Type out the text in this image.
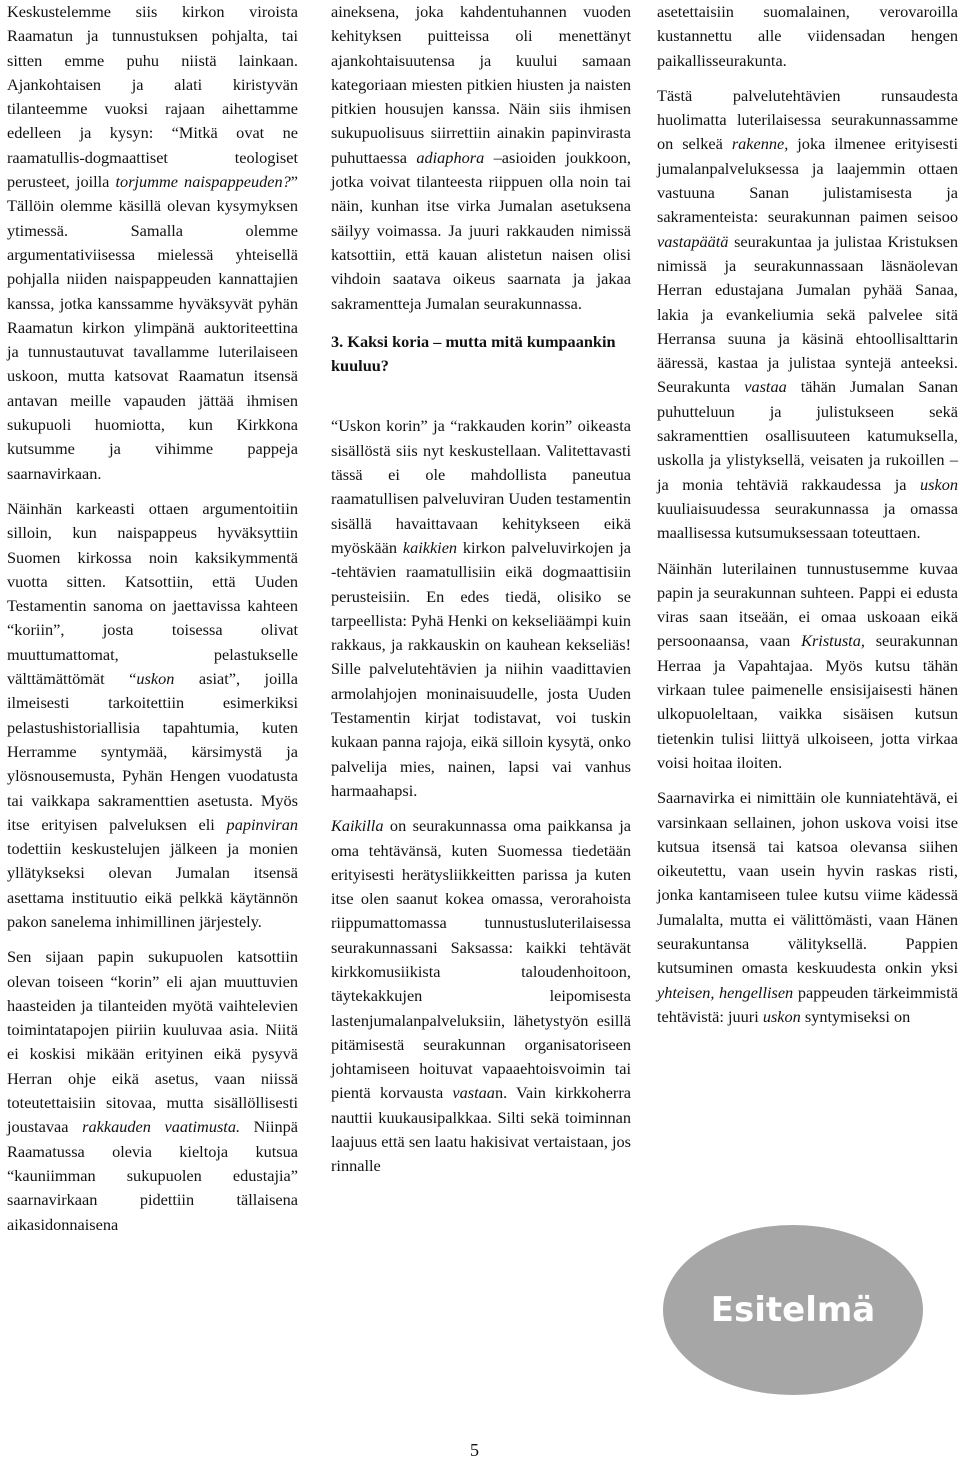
Keskustelemme siis kirkon viroista Raamatun ja tunnustuksen pohjalta, tai sitten emme puhu niistä lainkaan. Ajankohtaisen ja alati kiristyvän tilanteemme vuoksi rajaan aihettamme edelleen ja kysyn: “Mitkä ovat ne raamatullis-dogmaattiset teologiset perusteet, joilla torjumme naispappeuden?” Tällöin olemme käsillä olevan kysymyksen ytimessä. Samalla olemme argumentativiisessa mielessä yhteisellä pohjalla niiden naispappeuden kannattajien kanssa, jotka kanssamme hyväksyvät pyhän Raamatun kirkon ylimpänä auktoriteettina ja tunnustautuvat tavallamme luterilaiseen uskoon, mutta katsovat Raamatun itsensä antavan meille vapauden jättää ihmisen sukupuoli huomiotta, kun Kirkkona kutsumme ja vihimme pappeja saarnavirkaan.

Näinhän karkeasti ottaen argumentoitiin silloin, kun naispappeus hyväksyttiin Suomen kirkossa noin kaksikymmentä vuotta sitten. Katsottiin, että Uuden Testamentin sanoma on jaettavissa kahteen “koriin”, josta toisessa olivat muuttumattomat, pelastukselle välttämättömät “uskon asiat”, joilla ilmeisesti tarkoitettiin esimerkiksi pelastushistoriallisia tapahtumia, kuten Herramme syntymää, kärsimystä ja ylösnousemusta, Pyhän Hengen vuodatusta tai vaikkapa sakramenttien asetusta. Myös itse erityisen palveluksen eli papinviran todettiin keskustelujen jälkeen ja monien yllätykseksi olevan Jumalan itsensä asettama instituutio eikä pelkkä käytännön pakon sanelema inhimillinen järjestely.

Sen sijaan papin sukupuolen katsottiin olevan toiseen “korin” eli ajan muuttuvien haasteiden ja tilanteiden myötä vaihtelevien toimintatapojen piiriin kuuluvaa asia. Niitä ei koskisi mikään erityinen eikä pysyvä Herran ohje eikä asetus, vaan niissä toteutettaisiin sitovaa, mutta sisällöllisesti joustavaa rakkauden vaatimusta. Niinpä Raamatussa olevia kieltoja kutsua “kauniimman sukupuolen edustajia” saarnavirkaan pidettiin tällaisena aikasidonnaisena

aineksena, joka kahdentuhannen vuoden kehityksen puitteissa oli menettänyt ajankohtaisuutensa ja kuului samaan kategoriaan miesten pitkien hiusten ja naisten pitkien housujen kanssa. Näin siis ihmisen sukupuolisuus siirrettiin ainakin papinvirasta puhuttaessa adiaphora –asioiden joukkoon, jotka voivat tilanteesta riippuen olla noin tai näin, kunhan itse virka Jumalan asetuksena säilyy voimassa. Ja juuri rakkauden nimissä katsottiin, että kauan alistetun naisen olisi vihdoin saatava oikeus saarnata ja jakaa sakramentteja Jumalan seurakunnassa.

3. Kaksi koria – mutta mitä kumpaankin kuuluu?

“Uskon korin” ja “rakkauden korin” oikeasta sisällöstä siis nyt keskustellaan. Valitettavasti tässä ei ole mahdollista paneutua raamatullisen palveluviran Uuden testamentin sisällä havaittavaan kehitykseen eikä myöskään kaikkien kirkon palveluvirkojen ja -tehtävien raamatullisiin eikä dogmaattisiin perusteisiin. En edes tiedä, olisiko se tarpeellista: Pyhä Henki on kekseliäämpi kuin rakkaus, ja rakkauskin on kauhean kekseliäs! Sille palvelutehtävien ja niihin vaadittavien armolahjojen moninaisuudelle, josta Uuden Testamentin kirjat todistavat, voi tuskin kukaan panna rajoja, eikä silloin kysytä, onko palvelija mies, nainen, lapsi vai vanhus harmaahapsi.

Kaikilla on seurakunnassa oma paikkansa ja oma tehtävänsä, kuten Suomessa tiedetään erityisesti herätysliikkeitten parissa ja kuten itse olen saanut kokea omassa, verorahoista riippumattomassa tunnustusluterilaisessa seurakunnassani Saksassa: kaikki tehtävät kirkkomusiikista taloudenhoitoon, täytekakkujen leipomisesta lastenjumalanpalveluksiin, lähetystyön esillä pitämisestä seurakunnan organisatoriseen johtamiseen hoituvat vapaaehtoisvoimin tai pientä korvausta vastaan. Vain kirkkoherra nauttii kuukausipalkkaa. Silti sekä toiminnan laajuus että sen laatu hakisivat vertaistaan, jos rinnalle

asetettaisiin suomalainen, verovaroilla kustannettu alle viidensadan hengen paikallisseurakunta.

Tästä palvelutehtävien runsaudesta huolimatta luterilaisessa seurakunnassamme on selkeä rakenne, joka ilmenee erityisesti jumalanpalveluksessa ja laajemmin ottaen vastuuna Sanan julistamisesta ja sakramenteista: seurakunnan paimen seisoo vastapäätä seurakuntaa ja julistaa Kristuksen nimissä ja seurakunnassaan läsnäolevan Herran edustajana Jumalan pyhää Sanaa, lakia ja evankeliumia sekä palvelee sitä Herransa suuna ja käsinä ehtoollisalttarin ääressä, kastaa ja julistaa syntejä anteeksi. Seurakunta vastaa tähän Jumalan Sanan puhutteluun ja julistukseen sekä sakramenttien osallisuuteen katumuksella, uskolla ja ylistyksellä, veisaten ja rukoillen – ja monia tehtäviä rakkaudessa ja uskon kuuliaisuudessa seurakunnassa ja omassa maallisessa kutsumuksessaan toteuttaen.

Näinhän luterilainen tunnustusemme kuvaa papin ja seurakunnan suhteen. Pappi ei edusta viras saan itseään, ei omaa uskoaan eikä persoonaansa, vaan Kristusta, seurakunnan Herraa ja Vapahtajaa. Myös kutsu tähän virkaan tulee paimenelle ensisijaisesti hänen ulkopuoleltaan, vaikka sisäisen kutsun tietenkin tulisi liittyä ulkoiseen, jotta virkaa voisi hoitaa iloiten.

Saarnavirka ei nimittäin ole kunniatehtävä, ei varsinkaan sellainen, johon uskova voisi itse kutsua itsensä tai katsoa olevansa siihen oikeutettu, vaan usein hyvin raskas risti, jonka kantamiseen tulee kutsu viime kädessä Jumalalta, mutta ei välittömästi, vaan Hänen seurakuntansa välityksellä. Pappien kutsuminen omasta keskuudesta onkin yksi yhteisen, hengellisen pappeuden tärkeimmistä tehtävistä: juuri uskon syntymiseksi on

Esitelmä
5
